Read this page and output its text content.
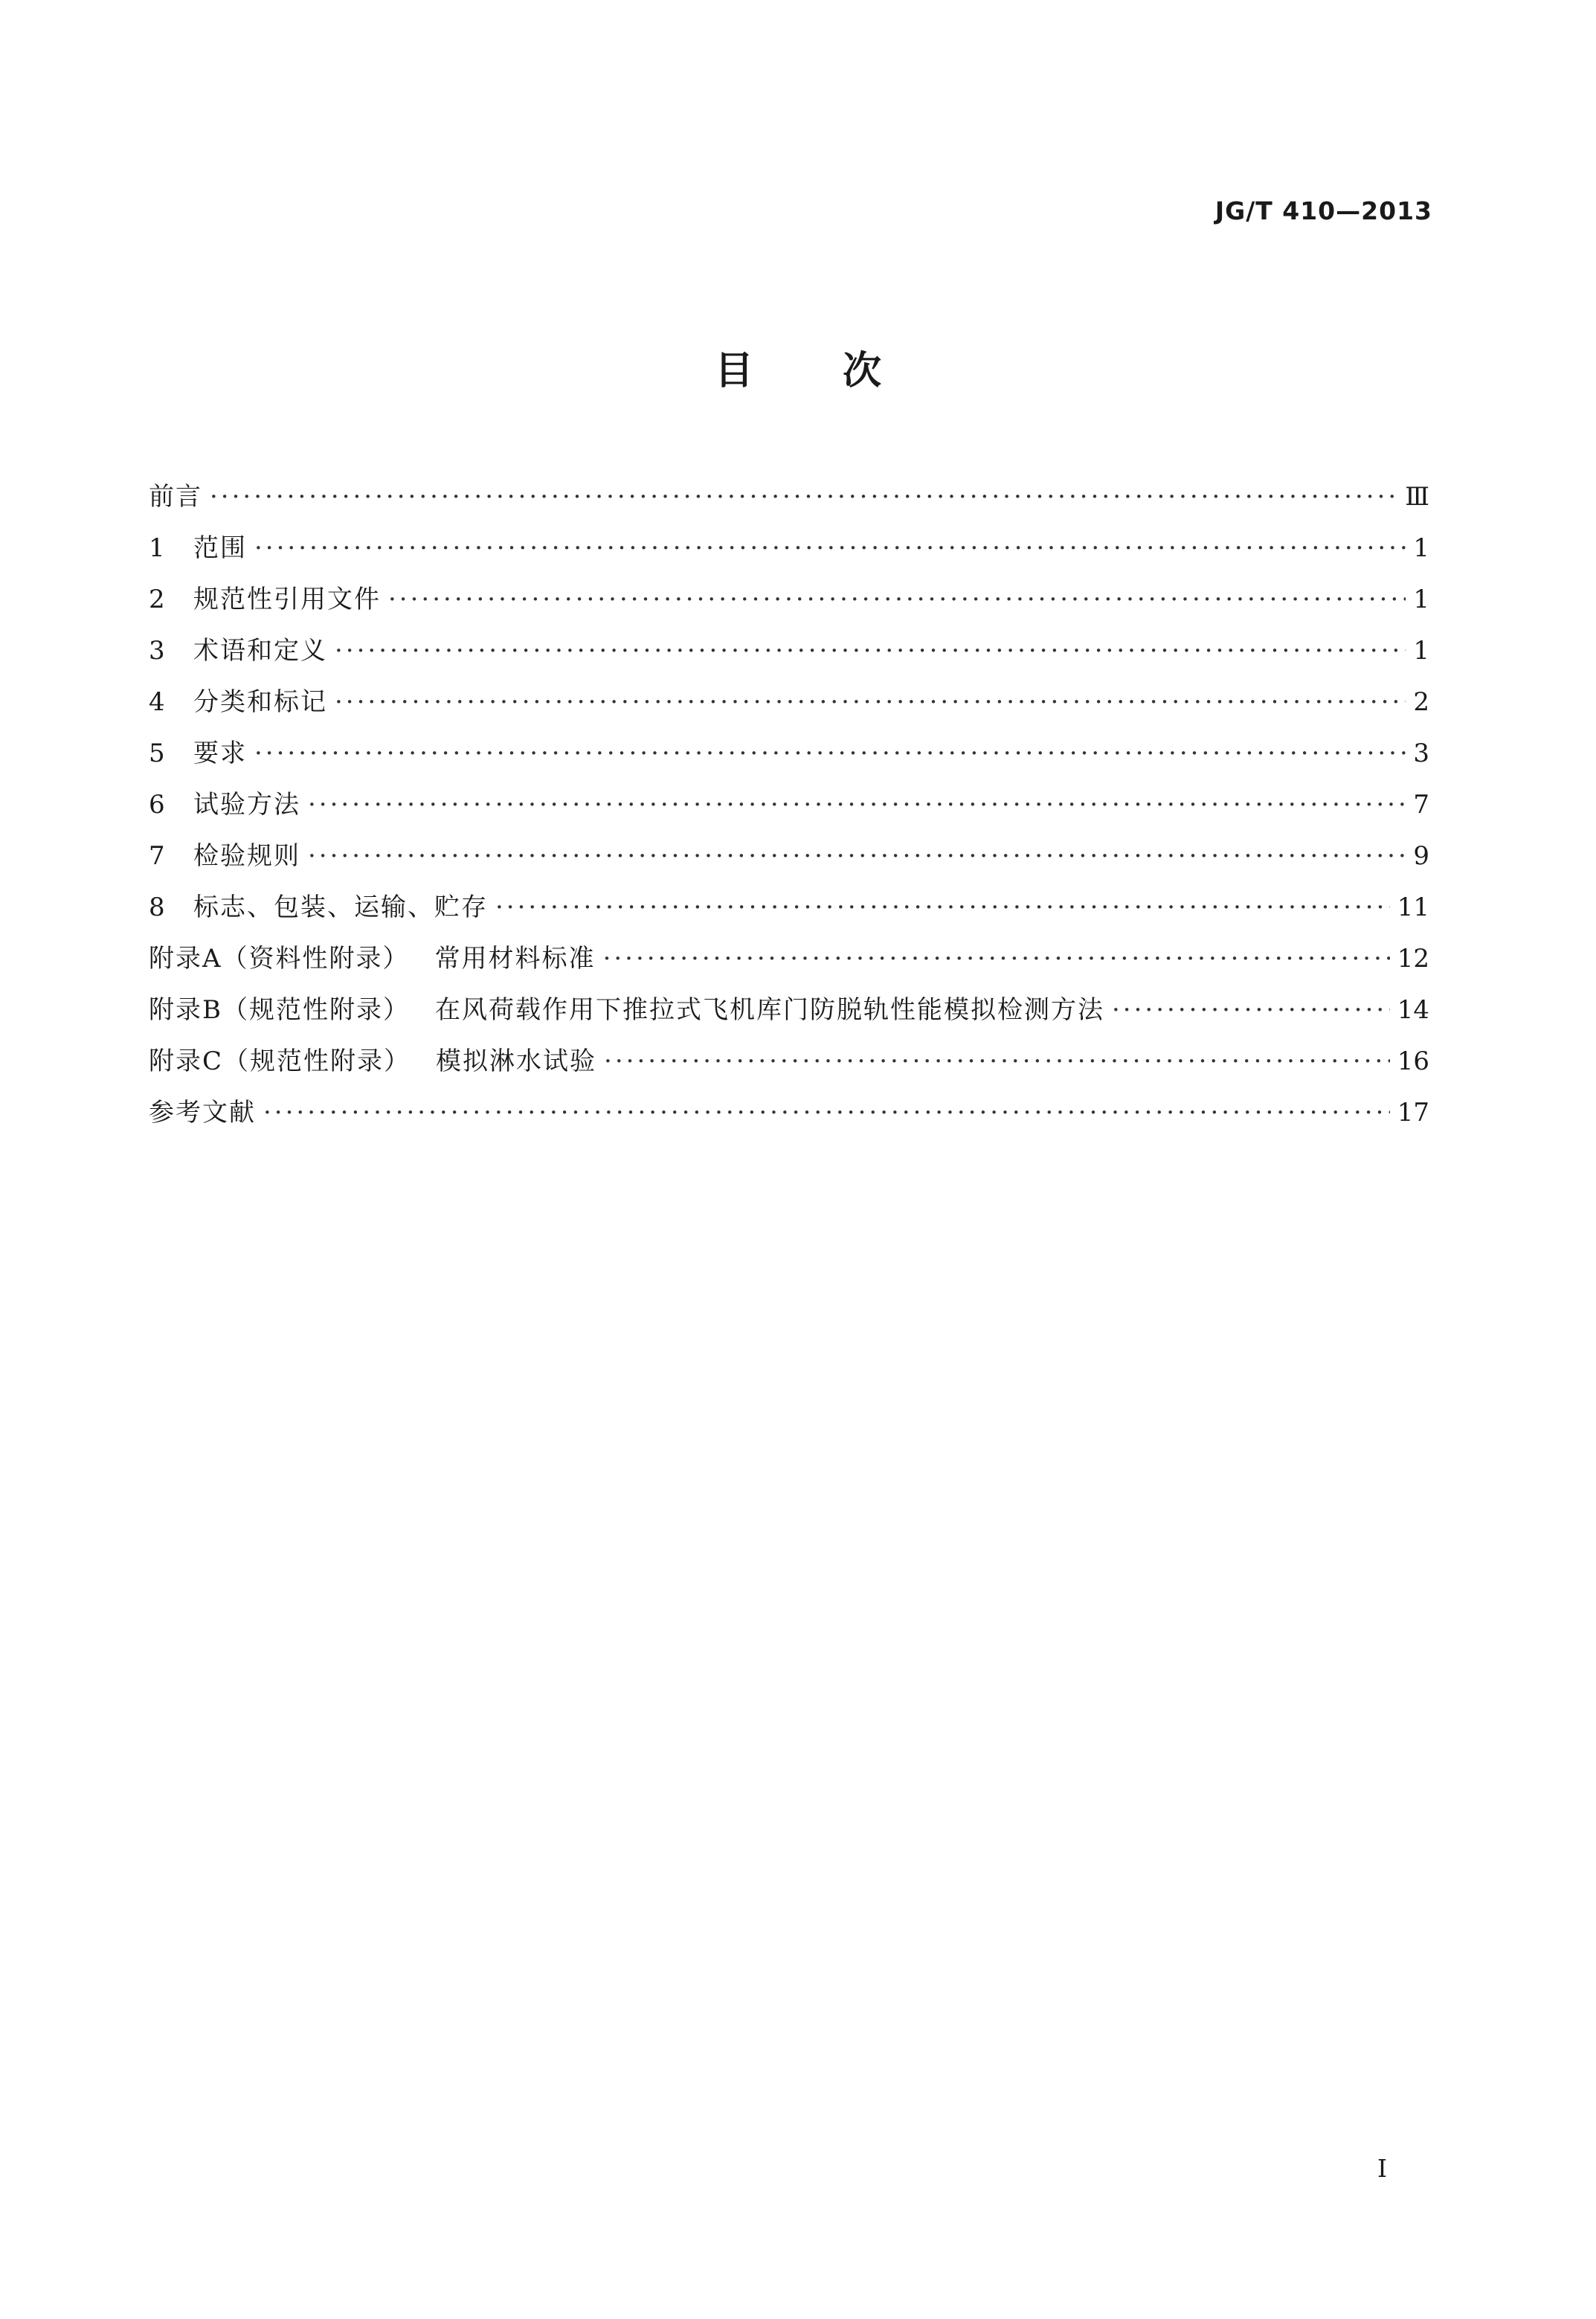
JG/T 410—2013
目次
前言 ·····	Ⅲ
1	范围 ·····	1
2	规范性引用文件 ·····	1
3	术语和定义 ·····	1
4	分类和标记 ·····	2
5	要求 ·····	3
6	试验方法 ·····	7
7	检验规则 ·····	9
8	标志、包装、运输、贮存 ·····	11
附录A（资料性附录）	常用材料标准 ·····	12
附录B（规范性附录）	在风荷载作用下推拉式飞机库门防脱轨性能模拟检测方法 ·····	14
附录C（规范性附录）	模拟淋水试验 ·····	16
参考文献 ·····	17
I
